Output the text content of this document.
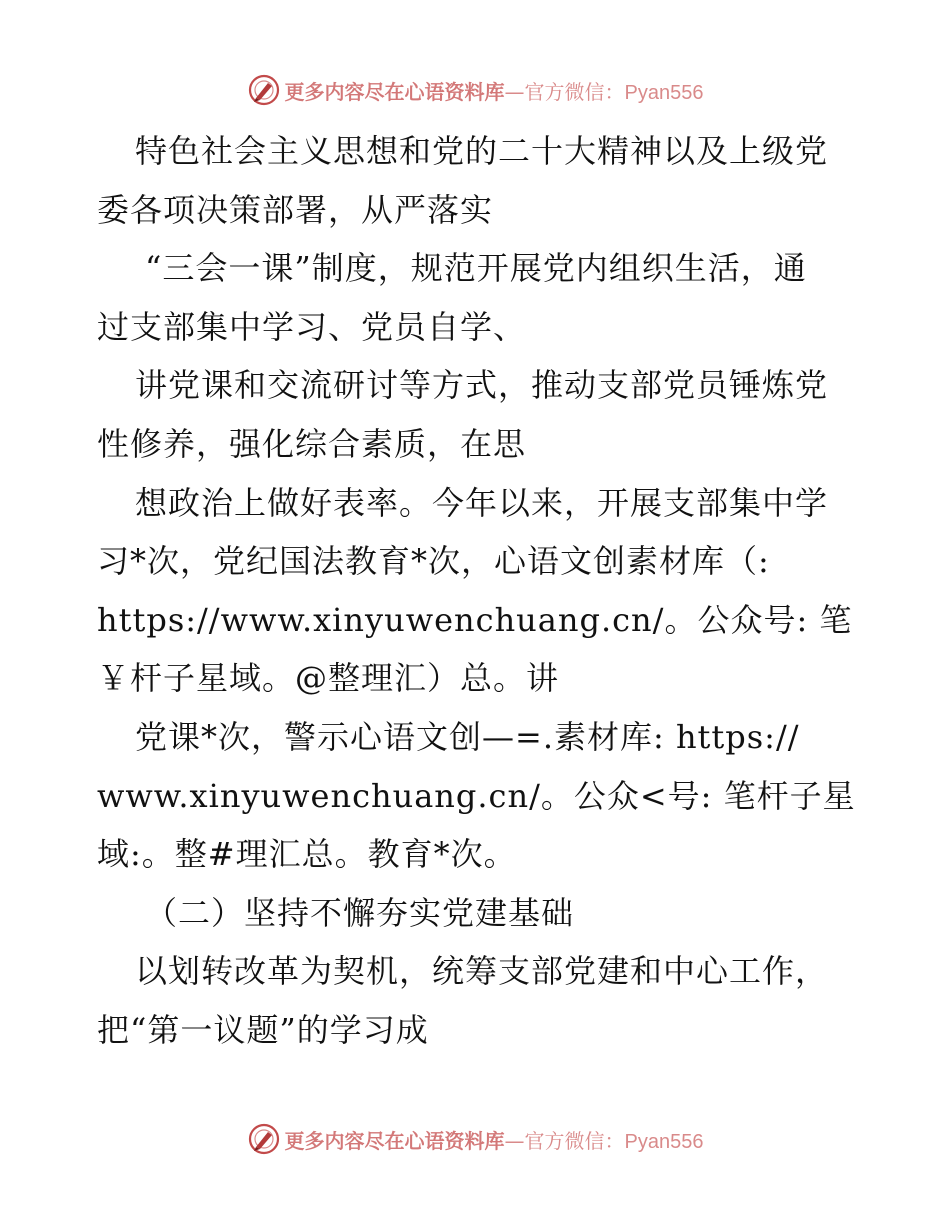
更多内容尽在心语资料库—官方微信：Pyan556
特色社会主义思想和党的二十大精神以及上级党
委各项决策部署，从严落实
“三会一课”制度，规范开展党内组织生活，通
过支部集中学习、党员自学、
讲党课和交流研讨等方式，推动支部党员锤炼党
性修养，强化综合素质，在思
想政治上做好表率。今年以来，开展支部集中学
习*次，党纪国法教育*次，心语文创素材库（:
https://www.xinyuwenchuang.cn/。公众号: 笔
￥杆子星域。@整理汇）总。讲
党课*次，警示心语文创—=.素材库: https://
www.xinyuwenchuang.cn/。公众<号: 笔杆子星
域:。整#理汇总。教育*次。
（二）坚持不懈夯实党建基础
以划转改革为契机，统筹支部党建和中心工作，
把“第一议题”的学习成
更多内容尽在心语资料库—官方微信：Pyan556
